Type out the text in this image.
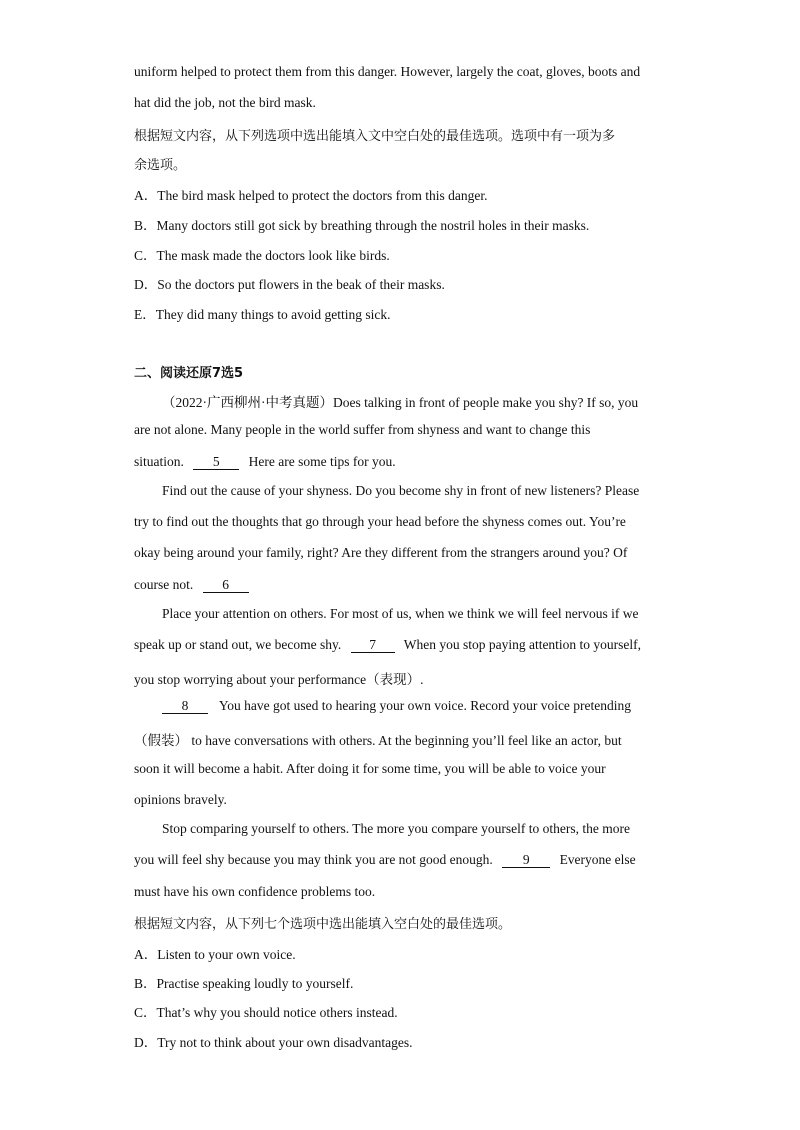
uniform helped to protect them from this danger. However, largely the coat, gloves, boots and
hat did the job, not the bird mask.
根据短文内容，从下列选项中选出能填入文中空白处的最佳选项。选项中有一项为多
余选项。
A．The bird mask helped to protect the doctors from this danger.
B．Many doctors still got sick by breathing through the nostril holes in their masks.
C．The mask made the doctors look like birds.
D．So the doctors put flowers in the beak of their masks.
E．They did many things to avoid getting sick.
二、阅读还原7选5
（2022·广西柳州·中考真题）Does talking in front of people make you shy? If so, you
are not alone. Many people in the world suffer from shyness and want to change this
situation. 5 Here are some tips for you.
Find out the cause of your shyness. Do you become shy in front of new listeners? Please
try to find out the thoughts that go through your head before the shyness comes out. You’re
okay being around your family, right? Are they different from the strangers around you? Of
course not. 6
Place your attention on others. For most of us, when we think we will feel nervous if we
speak up or stand out, we become shy. 7 When you stop paying attention to yourself,
you stop worrying about your performance（表现）.
8 You have got used to hearing your own voice. Record your voice pretending
（假装） to have conversations with others. At the beginning you’ll feel like an actor, but
soon it will become a habit. After doing it for some time, you will be able to voice your
opinions bravely.
Stop comparing yourself to others. The more you compare yourself to others, the more
you will feel shy because you may think you are not good enough. 9 Everyone else
must have his own confidence problems too.
根据短文内容，从下列七个选项中选出能填入空白处的最佳选项。
A．Listen to your own voice.
B．Practise speaking loudly to yourself.
C．That’s why you should notice others instead.
D．Try not to think about your own disadvantages.
